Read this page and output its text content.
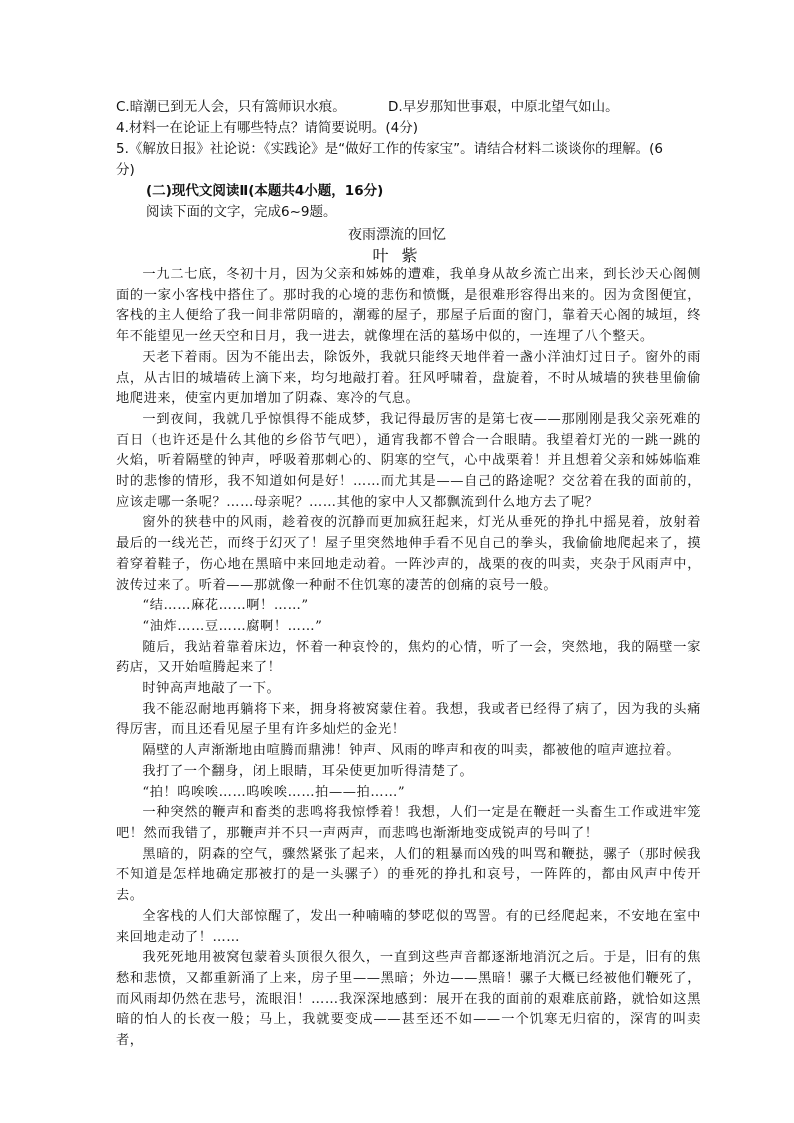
C.暗潮已到无人会，只有篙师识水痕。	D.早岁那知世事艰，中原北望气如山。
4.材料一在论证上有哪些特点？请简要说明。(4分)
5.《解放日报》社论说：《实践论》是“做好工作的传家宝”。请结合材料二谈谈你的理解。(6
分)
(二)现代文阅读Ⅱ(本题共4小题，16分)
阅读下面的文字，完成6~9题。
夜雨漂流的回忆
叶 紫

一九二七底，冬初十月，因为父亲和姊姊的遭难，我单身从故乡流亡出来，到长沙天心阁侧面的一家小客栈中搭住了。那时我的心境的悲伤和愤慨，是很难形容得出来的。因为贪图便宜，客栈的主人便给了我一间非常阴暗的，潮霉的屋子，那屋子后面的窗门，靠着天心阁的城垣，终年不能望见一丝天空和日月，我一进去，就像埋在活的墓场中似的，一连埋了八个整天。

天老下着雨。因为不能出去，除饭外，我就只能终天地伴着一盏小洋油灯过日子。窗外的雨点，从古旧的城墙砖上滴下来，均匀地敲打着。狂风呼啸着，盘旋着，不时从城墙的狭巷里偷偷地爬进来，使室内更加增加了阴森、寒冷的气息。

一到夜间，我就几乎惊惧得不能成梦，我记得最厉害的是第七夜——那刚刚是我父亲死难的百日（也许还是什么其他的乡俗节气吧），通宵我都不曾合一合眼睛。我望着灯光的一跳一跳的火焰，听着隔壁的钟声，呼吸着那刺心的、阴寒的空气，心中战栗着！并且想着父亲和姊姊临难时的悲惨的情形，我不知道如何是好！……而尤其是——自己的路途呢？交岔着在我的面前的，应该走哪一条呢？……母亲呢？……其他的家中人又都飘流到什么地方去了呢？

窗外的狭巷中的风雨，趁着夜的沉静而更加疯狂起来，灯光从垂死的挣扎中摇晃着，放射着最后的一线光芒，而终于幻灭了！屋子里突然地伸手看不见自己的拳头，我偷偷地爬起来了，摸着穿着鞋子，伤心地在黑暗中来回地走动着。一阵沙声的，战栗的夜的叫卖，夹杂于风雨声中，波传过来了。听着——那就像一种耐不住饥寒的凄苦的创痛的哀号一般。

“结……麻花……啊！……”

“油炸……豆……腐啊！……”

随后，我站着靠着床边，怀着一种哀怜的，焦灼的心情，听了一会，突然地，我的隔壁一家药店，又开始喧腾起来了！

时钟高声地敲了一下。

我不能忍耐地再躺将下来，拥身将被窝蒙住着。我想，我或者已经得了病了，因为我的头痛得厉害，而且还看见屋子里有许多灿烂的金光！

隔壁的人声渐渐地由喧腾而鼎沸！钟声、风雨的哗声和夜的叫卖，都被他的喧声遮拉着。

我打了一个翻身，闭上眼睛，耳朵使更加听得清楚了。

“拍！呜唉唉……呜唉唉……拍——拍……”

一种突然的鞭声和畜类的悲鸣将我惊悸着！我想，人们一定是在鞭赶一头畜生工作或进牢笼吧！然而我错了，那鞭声并不只一声两声，而悲鸣也渐渐地变成锐声的号叫了！

黑暗的，阴森的空气，骤然紧张了起来，人们的粗暴而凶残的叫骂和鞭挞，骡子（那时候我不知道是怎样地确定那被打的是一头骡子）的垂死的挣扎和哀号，一阵阵的，都由风声中传开去。

全客栈的人们大部惊醒了，发出一种喃喃的梦呓似的骂詈。有的已经爬起来，不安地在室中来回地走动了！……

我死死地用被窝包蒙着头顶很久很久，一直到这些声音都逐渐地消沉之后。于是，旧有的焦愁和悲愤，又都重新涌了上来，房子里——黑暗；外边——黑暗！骡子大概已经被他们鞭死了，而风雨却仍然在悲号，流眼泪！……我深深地感到：展开在我的面前的艰难底前路，就恰如这黑暗的怕人的长夜一般；马上，我就要变成——甚至还不如——一个饥寒无归宿的，深宵的叫卖者，
